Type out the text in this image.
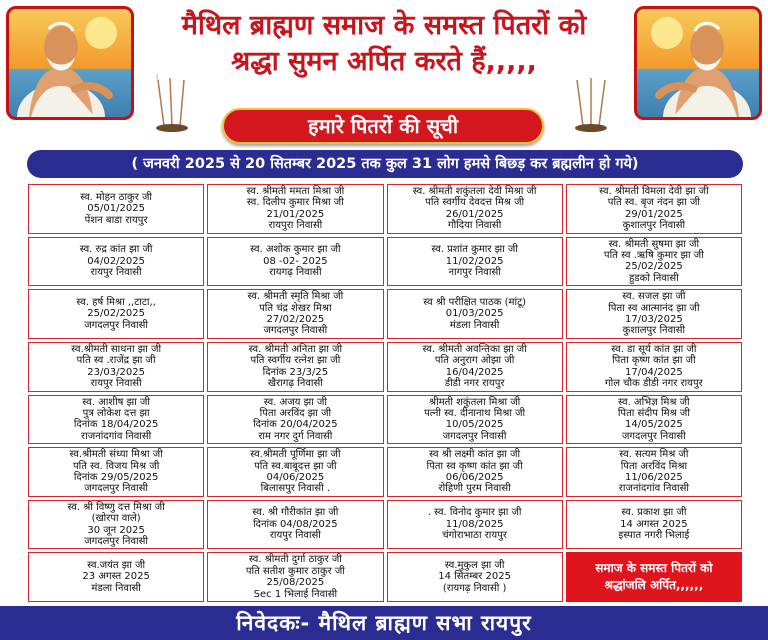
मैथिल ब्राह्मण समाज के समस्त पितरों को
श्रद्धा सुमन अर्पित करते हैं,,,,,
हमारे पितरों की सूची
( जनवरी 2025 से 20 सितम्बर 2025 तक कुल 31 लोग हमसे बिछड़ कर ब्रह्मलीन हो गये)
स्व. मोहन ठाकुर जी
05/01/2025
पेंशन बाडा रायपुर
स्व. श्रीमती ममता मिश्रा जी
स्व. दिलीप कुमार मिश्रा जी
21/01/2025
रायपुरा निवासी
स्व. श्रीमती शकुंतला देवी मिश्रा जी
पति स्वर्गीय देवदत्त मिश्र जी
26/01/2025
गौदिया निवासी
स्व. श्रीमती विमला देवी झा जी
पति स्व. बृज नंदन झा जी
29/01/2025
कुशालपुर निवासी
स्व. रुद्र कांत झा जी
04/02/2025
रायपुर निवासी
स्व. अशोक कुमार झा जी
08 -02- 2025
रायगढ़ निवासी
स्व. प्रशांत कुमार झा जी
11/02/2025
नागपुर निवासी
स्व. श्रीमती सुषमा झा जी
पति स्व .ऋषि कुमार झा जी
25/02/2025
हुडको निवासी
स्व. हर्ष मिश्रा ,,टाटा,,
25/02/2025
जगदलपुर निवासी
स्व. श्रीमती स्मृति मिश्रा जी
पति चंद्र शेखर मिश्रा
27/02/2025
जगदलपुर निवासी
स्व श्री परीक्षित पाठक (मांटू)
01/03/2025
मंडला निवासी
स्व. सजल झा जी
पिता स्व आत्मानंद झा जी
17/03/2025
कुशालपुर निवासी
स्व.श्रीमती साधना झा जी
पति स्व .राजेंद्र झा जी
23/03/2025
रायपुर निवासी
स्व. श्रीमती अनिता झा जी
पति स्वर्गीय रत्नेश झा जी
दिनांक 23/3/25
खैरागढ़ निवासी
स्व. श्रीमती अवन्तिका झा जी
पति अनुराग ओझा जी
16/04/2025
डीडी नगर रायपुर
स्व. डा सूर्य कांत झा जी
पिता कृष्ण कांत झा जी
17/04/2025
गोल चौक डीडी नगर रायपुर
स्व. आशीष झा जी
पुत्र लोकेश दत्त झा
दिनांक 18/04/2025
राजनांदगांव निवासी
स्व. अजय झा जी
पिता अरविंद झा जी
दिनांक 20/04/2025
राम नगर दुर्ग निवासी
श्रीमती शकुंतला मिश्रा जी
पत्नी स्व. दीनानाथ मिश्रा जी
10/05/2025
जगदलपुर निवासी
स्व. अभिज्ञ मिश्र जी
पिता संदीप मिश्र जी
14/05/2025
जगदलपुर निवासी
स्व.श्रीमती संध्या मिश्रा जी
पति स्व. विजय मिश्र जी
दिनांक 29/05/2025
जगदलपुर निवासी
स्व.श्रीमती पूर्णिमा झा जी
पति स्व.बाबूदत्त झा जी
04/06/2025
बिलासपुर निवासी .
स्व श्री लक्ष्मी कांत झा जी
पिता स्व कृष्ण कांत झा जी
06/06/2025
रोहिणी पुरम निवासी
स्व. सत्यम मिश्र जी
पिता अरविंद मिश्रा
11/06/2025
राजनांदगांव निवासी
स्व. श्री विष्णु दत्त मिश्रा जी
(खोरपा वाले)
30 जून 2025
जगदलपुर निवासी
स्व. श्री गौरीकांत झा जी
दिनांक 04/08/2025
रायपुर निवासी
. स्व. विनोद कुमार झा जी
11/08/2025
चंगोराभाठा रायपुर
स्व. प्रकाश झा जी
14 अगस्त 2025
इस्पात नगरी भिलाई
स्व.जयंत झा जी
23 अगस्त 2025
मंडला निवासी
स्व. श्रीमती दुर्गा ठाकुर जी
पति सतीश कुमार ठाकुर जी
25/08/2025
Sec 1 भिलाई निवासी
स्व.मुकुल झा जी
14 सितम्बर 2025
(रायगढ़ निवासी )
समाज के समस्त पितरों को
श्रद्धांजलि अर्पित,,,,,,
निवेदकः- मैथिल ब्राह्मण सभा रायपुर
